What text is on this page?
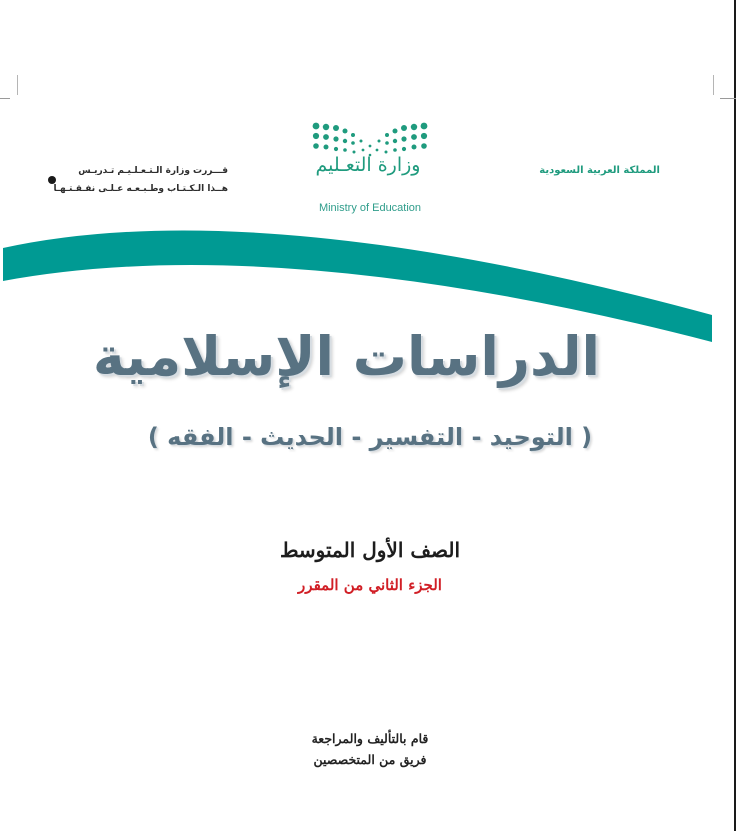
قـــررت وزارة الـتـعـلـيـم تـدريـس
هــذا الـكـتـاب وطـبـعـه عـلـى نفـقـتـهـا
وزارة التعـليم
Ministry of Education
المملكة العربية السعودية
الدراسات الإسلامية
( التوحيد - التفسير - الحديث - الفقه )
الصف الأول المتوسط
الجزء الثاني من المقرر
قام بالتأليف والمراجعة
فريق من المتخصصين
